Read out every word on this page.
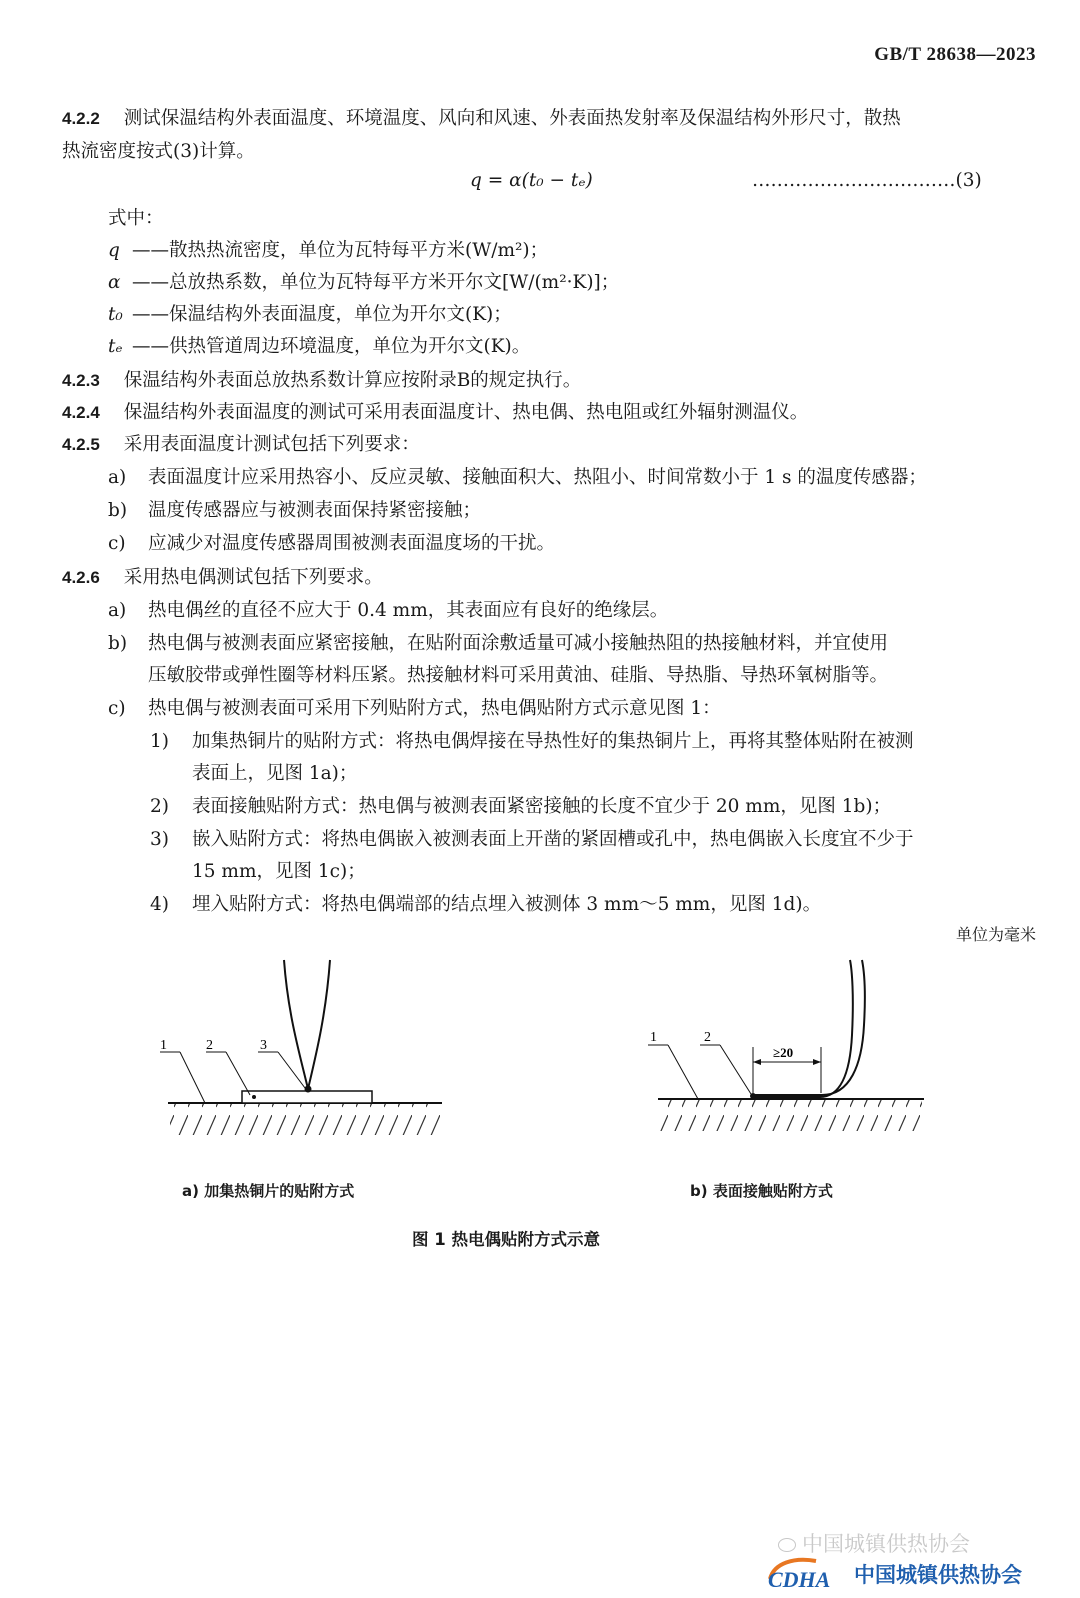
GB/T 28638—2023
4.2.2 测试保温结构外表面温度、环境温度、风向和风速、外表面热发射率及保温结构外形尺寸，散热
热流密度按式(3)计算。
q = α(t₀ − tₑ)	……………………………(3)
式中：
q ——散热热流密度，单位为瓦特每平方米(W/m²)；
α ——总放热系数，单位为瓦特每平方米开尔文[W/(m²·K)]；
t₀ ——保温结构外表面温度，单位为开尔文(K)；
tₑ ——供热管道周边环境温度，单位为开尔文(K)。
4.2.3 保温结构外表面总放热系数计算应按附录B的规定执行。
4.2.4 保温结构外表面温度的测试可采用表面温度计、热电偶、热电阻或红外辐射测温仪。
4.2.5 采用表面温度计测试包括下列要求：
a) 表面温度计应采用热容小、反应灵敏、接触面积大、热阻小、时间常数小于 1 s 的温度传感器；
b) 温度传感器应与被测表面保持紧密接触；
c) 应减少对温度传感器周围被测表面温度场的干扰。
4.2.6 采用热电偶测试包括下列要求。
a) 热电偶丝的直径不应大于 0.4 mm，其表面应有良好的绝缘层。
b) 热电偶与被测表面应紧密接触，在贴附面涂敷适量可减小接触热阻的热接触材料，并宜使用
压敏胶带或弹性圈等材料压紧。热接触材料可采用黄油、硅脂、导热脂、导热环氧树脂等。
c) 热电偶与被测表面可采用下列贴附方式，热电偶贴附方式示意见图 1：
1) 加集热铜片的贴附方式：将热电偶焊接在导热性好的集热铜片上，再将其整体贴附在被测
表面上，见图 1a)；
2) 表面接触贴附方式：热电偶与被测表面紧密接触的长度不宜少于 20 mm，见图 1b)；
3) 嵌入贴附方式：将热电偶嵌入被测表面上开凿的紧固槽或孔中，热电偶嵌入长度宜不少于
15 mm，见图 1c)；
4) 埋入贴附方式：将热电偶端部的结点埋入被测体 3 mm～5 mm，见图 1d)。
单位为毫米
1	2	3	≥20
1	2
a) 加集热铜片的贴附方式	b) 表面接触贴附方式
图 1 热电偶贴附方式示意
中国城镇供热协会
CDHA 中国城镇供热协会
